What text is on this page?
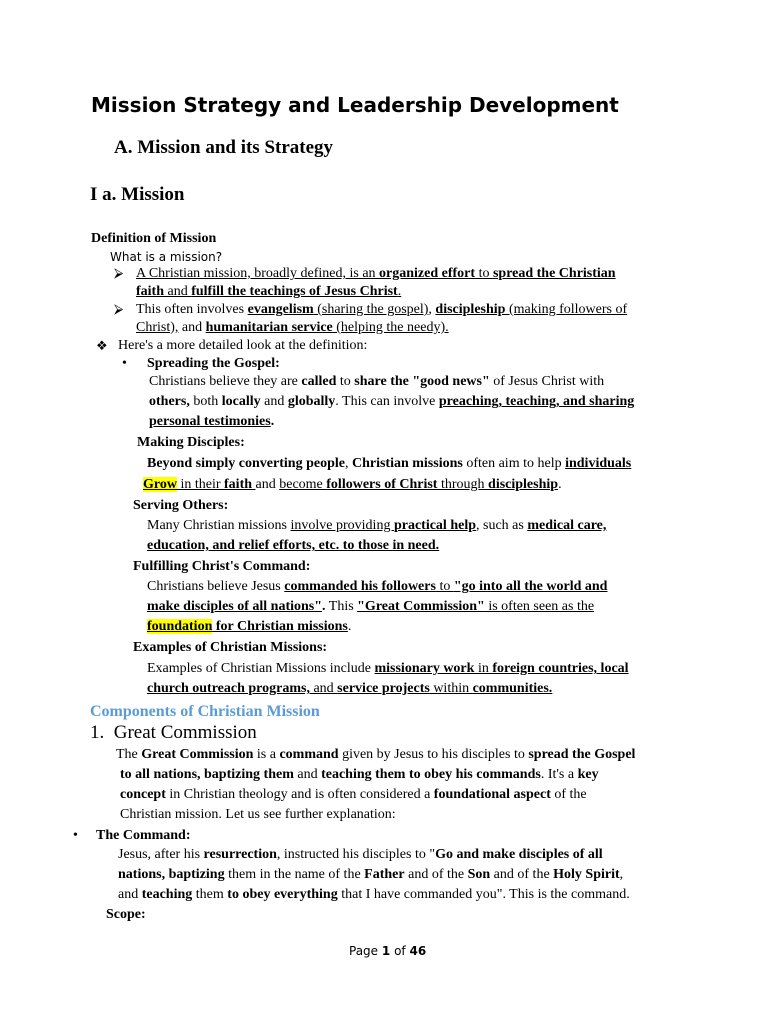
Mission Strategy and Leadership Development
A. Mission and its Strategy
I a. Mission
Definition of Mission
What is a mission?
⮚ A Christian mission, broadly defined, is an organized effort to spread the Christian
faith and fulfill the teachings of Jesus Christ.
⮚ This often involves evangelism (sharing the gospel), discipleship (making followers of
Christ), and humanitarian service (helping the needy).
❖ Here's a more detailed look at the definition:
• Spreading the Gospel:
Christians believe they are called to share the "good news" of Jesus Christ with
others, both locally and globally. This can involve preaching, teaching, and sharing
personal testimonies.
Making Disciples:
Beyond simply converting people, Christian missions often aim to help individuals
Grow in their faith and become followers of Christ through discipleship.
Serving Others:
Many Christian missions involve providing practical help, such as medical care,
education, and relief efforts, etc. to those in need.
Fulfilling Christ's Command:
Christians believe Jesus commanded his followers to "go into all the world and
make disciples of all nations". This "Great Commission" is often seen as the
foundation for Christian missions.
Examples of Christian Missions:
Examples of Christian Missions include missionary work in foreign countries, local
church outreach programs, and service projects within communities.
Components of Christian Mission
1.  Great Commission
The Great Commission is a command given by Jesus to his disciples to spread the Gospel
to all nations, baptizing them and teaching them to obey his commands. It's a key
concept in Christian theology and is often considered a foundational aspect of the
Christian mission. Let us see further explanation:
• The Command:
Jesus, after his resurrection, instructed his disciples to "Go and make disciples of all
nations, baptizing them in the name of the Father and of the Son and of the Holy Spirit,
and teaching them to obey everything that I have commanded you". This is the command.
Scope:
Page 1 of 46
